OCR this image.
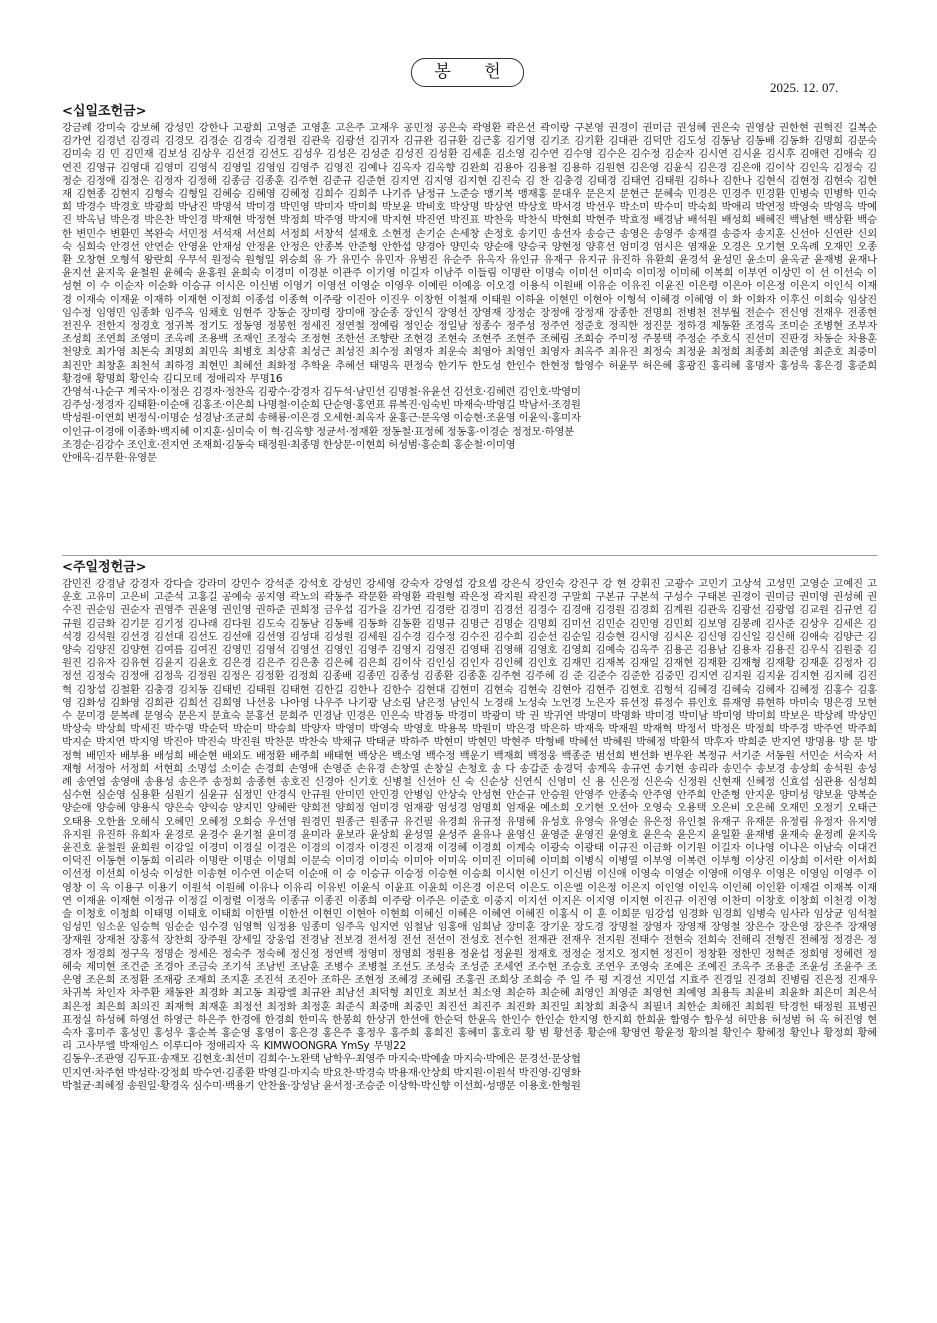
봉 헌
2025. 12. 07.
<십일조헌금>
강금례 강미숙 강보혜 강성민 강한나 고광희 고영준 고영훈 고은주 고재우 공민정 공은숙 곽영환 곽은선 곽이랑 구본영 권경이 권미금 권성혜 권은숙 권영삼 권한현 권혁진 길복순 김가연 김경년 김경리 김경모 김경순 김경숙 김경원 김관욱 김광선 김귀자 김규완 김규환 김근홍 김기영 김기조 김기환 김대관 김덕만 김도성 김동남 김동배 김동화 김명희 김문숙 김미숙 김 민 김민재 김보성 김상우 김선경 김선도 김성우 김성은 김성준 김성진 김성환 김세훈 김소영 김수연 김수영 김수은 김수정 김순자 김시연 김시윤 김시후 김애련 김애숙 김연진 김영규 김영대 김영미 김영식 김영일 김영임 김영주 김영진 김예나 김옥자 김옥향 김완희 김용아 김용철 김용하 김원현 김은영 김윤식 김은경 김은애 김이삭 김인옥 김정숙 김정순 김정애 김정은 김정자 김정해 김종금 김종훈 김주현 김준규 김준현 김지연 김지영 김지현 김진숙 김 찬 김충경 김태경 김태연 김태원 김하나 김한나 김현식 김현정 김현숙 김현재 김현종 김현지 김형숙 김형일 김혜승 김혜영 김혜정 김희수 김희주 나기쥬 남정규 노준승 맹기복 맹재홍 문대우 문은지 문현근 문혜숙 민경은 민경주 민경환 민병숙 민병학 민숙희 박경수 박경호 박광희 박남진 박명석 박미경 박민영 박미자 박미희 박보윤 박비호 박상명 박상연 박상호 박서경 박선우 박소미 박수미 박숙희 박애리 박연정 박영숙 박영옥 박예진 박옥님 박은경 박은찬 박인경 박재현 박정현 박정희 박주영 박지애 박지현 박진연 박진표 박찬욱 박찬식 박현희 박현주 박효정 배경남 배석원 배성희 배혜진 백남현 백상환 백승한 변민수 변환민 복완숙 서민정 서석재 서선희 서정희 서창석 설재호 소현정 손기순 손세창 손정호 송기민 송선자 송승근 송영은 송영주 송재결 송증자 송지훈 신선아 신연란 신외숙 심희숙 안경선 안연순 안영윤 안재성 안정윤 안정은 안종복 안준형 안한섭 양경아 양민숙 양순애 양승국 양현정 양휴선 엄미경 엄시은 염재윤 오경은 오기현 오옥례 오재민 오종환 오창현 오형석 왕란희 우무석 원정숙 원형일 위승희 유 가 유민수 유민자 유범진 유순주 유옥자 유인규 유재구 유지규 유진하 유환희 윤경석 윤성민 윤소미 윤옥균 윤재병 윤재나 윤지선 윤지욱 윤철원 윤혜숙 윤홍원 윤희숙 이경미 이경분 이관주 이기영 이길자 이남주 이들림 이명란 이명숙 이미선 이미숙 이미정 이미혜 이복희 이부연 이상민 이 선 이선숙 이성현 이 수 이순자 이순화 이승규 이시은 이신범 이영기 이영선 이영순 이영우 이예린 이예응 이오경 이용식 이원배 이유순 이유진 이윤진 이은령 이은아 이은정 이은지 이인식 이재경 이재숙 이재윤 이재하 이재현 이정희 이종섭 이종혁 이주랑 이진아 이진우 이창헌 이철재 이태원 이하윤 이현민 이현아 이형석 이혜경 이혜영 이 화 이화자 이후신 이희숙 임삼진 임수정 임영민 임종화 임주옥 임채호 임현주 장동순 장미령 장미애 장순종 장인식 장영선 장영재 장정순 장정애 장정재 장종한 전명희 전병천 전부월 전순수 전신영 전재우 전종현 전진우 전한지 정경호 정귀복 정기도 정동영 정봉헌 정세진 정연철 정예림 정인순 정일남 정종수 정주성 정주연 정준호 정직한 정진문 정하경 제동환 조경옥 조미순 조병현 조부자 조성희 조연희 조영미 조옥례 조용백 조재인 조정숙 조정현 조한선 조향란 조현경 조현숙 조현주 조현주 조혜림 조희승 주미정 주봉택 주정순 주호식 진선미 진판경 차동순 차용훈 천양호 최가영 최돈숙 최명희 최민옥 최병호 최상휴 최성근 최성진 최수정 최영자 최운숙 최영아 최영인 최영자 최옥주 최유진 최정숙 최정윤 최정희 최종희 최준영 최준호 최중미 최진만 최창훈 최천석 최하경 최현민 최혜선 최화정 추학윤 추혜선 태명옥 편정숙 한기두 한도성 한인수 한현정 함영수 허윤무 허은혜 홍광진 홍리혜 홍명자 홍성욱 홍은경 홍준희 황경애 황명희 황인숙 김디모데 정애리자 무명16
간영석·나순구 계국자·이정은 김경자·정찬옥 김광수·강경자 김두석·남민선 김명철·유윤선 김선호·김혜련 김인호·박영미
김주성·정경자 김태환·이순애 김홍조·이은희 나명철·이순희 단순영·홍연표 류복진·임숙빈 마재숙·박영길 박남서·조경원
박성원·이연희 변정식·이명순 성경남·조균희 송해룡·이은경 오세현·최옥자 윤홍근·문옥영 이승현·조윤영 이윤익·홍미자
이인규·이경애 이종화·백지혜 이지훈·심미숙 이 혁·김옥향 정균서·정재환 정동철·표정혜 정동홍·이경순 정정모·하영분
조경순·김강수 조인호·전지연 조재희·김동숙 태정원·최종명 한상문·이현희 허성범·홍순희 홍순철·이미영
안애옥·김무환·유영문
<주일정헌금>
감민진 강경남 강경자 강다슬 강라미 강민수 강석준 강석호 강성민 강세영 강숙자 강영섭 강요셉 강은식 강인숙 강진구 강 현 강휘진 고광수 고민기 고상석 고성민 고영순 고예진 고운호 고유미 고은비 고준석 고홍길 공예숙 공지영 곽노의 곽동주 곽문환 곽영환 곽원형 곽은정 곽지원 곽진경 구말희 구본규 구본석 구성수 구태본 권경이 권미금 권미영 권성혜 권수진 권순임 권순자 권영주 권윤영 권인영 권하준 권희정 금우섭 김가을 김가연 김경란 김경미 김경선 김경수 김경애 김경원 김경희 김계원 김관욱 김광선 김광엽 김교원 김규연 김규원 김금화 김기문 김기정 김나래 김다원 김도숙 김동남 김동배 김동화 김동환 김명규 김명근 김명순 김명희 김미선 김민순 김민영 김민희 김보영 김봉례 김사준 김상우 김세은 김석경 김석원 김선경 김선대 김선도 김선애 김선영 김성대 김성원 김세원 김수경 김수정 김수진 김수희 김순선 김순일 김승현 김시영 김시온 김신영 김신일 김신해 김애숙 김양근 김양숙 김양진 김양현 김여름 김여진 김영민 김영석 김영선 김영인 김영주 김영지 김영진 김영태 김영해 김영호 김영희 김예숙 김옥주 김용곤 김용남 김용자 김용진 김우식 김원중 김원진 김유자 김유현 김윤지 김윤호 김은경 김은주 김은총 김은혜 김은희 김이삭 김인심 김인자 김인혜 김인호 김재민 김재복 김재일 김재현 김재환 김재형 김재황 김재훈 김정자 김정선 김정숙 김정애 김정욱 김정원 김정은 김정환 김정희 김종배 김종민 김종성 김종환 김종훈 김주현 김주혜 김 준 김준수 김준한 김중민 김지연 김지원 김지윤 김지현 김지혜 김진혁 김창섭 김철환 김충경 김치동 김태빈 김태원 김태현 김한길 김한나 김한수 김현대 김현미 김현숙 김현숙 김현아 김현주 김현호 김형석 김혜경 김혜숙 김혜자 김혜정 김홍수 김홍영 김화성 김화영 김희관 김희선 김희영 나선웅 나아영 나우주 나기광 남소림 남은정 남인식 노경래 노성숙 노언경 노은자 류선정 류정수 류인호 류재영 류현하 마미숙 명은경 모현수 문미경 문복례 문영숙 문은지 문효숙 문홍선 문희주 민경남 민경은 민은숙 박겸동 박경미 박광미 박 권 박귀연 박명미 박명화 박미경 박미남 박미영 박미희 박보은 박상례 박상민 박상숙 박상희 박세진 박수명 박순덕 박순미 박승희 박양자 박영미 박영숙 박영호 박용목 박원미 박은경 박은하 박재욱 박재원 박재혁 박정서 박정은 박정희 박주경 박주연 박주희 박지순 박지연 박지영 박진아 박진숙 박진원 박찬문 박찬숙 박채규 박태균 박하주 박현미 박현민 박현주 박형배 박혜선 박혜원 박혜정 박환석 박후자 박희준 반지연 방명용 방 문 방정혁 배민자 배부용 배성희 배순현 배외도 배정환 배주희 배태현 백상은 백소영 백수정 백운기 백재희 백정웅 백종준 범선희 변선화 변우완 복정규 서기준 서동원 서민순 서숙자 서재형 서정아 서정희 서현희 소명섭 소이순 손경희 손영애 손영준 손유경 손창열 손창실 손청호 송 다 송갑준 송경덕 송계옥 송규연 송기현 송리라 송민수 송보경 송상희 송석원 송성례 송연엽 송영애 송용성 송은주 송정희 송종현 송호진 신경아 신기호 신병철 신선아 신 숙 신순상 신연식 신영미 신 용 신은정 신은숙 신정원 신현재 신혜정 신효섭 심관용 심성희 심수현 심순영 심용환 심원기 심윤규 심정민 안경식 안규원 안미민 안민경 안병임 안상숙 안성현 안순규 안승원 안영주 안종숙 안주영 안주희 안준형 안지운 양미성 양보윤 양복순 양순애 양승혜 양용식 양은숙 양익승 양지민 양혜란 양희전 양희정 엄미경 엄재광 엄성경 엄명희 엄재윤 예소희 오기현 오선아 오영숙 오용택 오은비 오은혜 오재민 오정기 오태근 오태용 오한율 오해식 오혜민 오혜정 오희승 우선영 원경민 원종근 원종규 유건필 유경희 유규정 유명혜 유성호 유영숙 유영순 유은정 유인철 유재구 유재문 유정림 유정자 유지영 유지원 유진하 유희자 윤경로 윤경수 윤기철 윤미경 윤미라 윤보라 윤상희 윤성열 윤성주 윤유나 윤영신 윤영준 윤영진 윤영호 윤은숙 윤은지 윤일환 윤재병 윤재숙 윤정례 윤지욱 윤진호 윤철원 윤희원 이강일 이경미 이경실 이경은 이경의 이경자 이경진 이경재 이경혜 이경희 이계숙 이광숙 이광태 이규진 이금화 이기원 이길자 이나영 이나은 이남숙 이대건 이덕진 이동현 이동희 이리라 이명란 이명순 이명희 이문숙 이미경 이미숙 이미아 이미옥 이미진 이미혜 이미희 이병식 이병열 이부영 이복련 이부형 이상진 이상희 이서란 이서희 이선정 이선희 이성숙 이성한 이송현 이수연 이순덕 이순애 이 승 이승규 이승정 이승현 이승희 이시현 이신기 이신범 이신애 이영숙 이영순 이영애 이영우 이영은 이영임 이영주 이영창 이 옥 이용구 이용기 이원석 이원혜 이유나 이유리 이유빈 이윤식 이윤표 이윤희 이은경 이은덕 이은도 이은엘 이은정 이은지 이인영 이인옥 이인혜 이인환 이재걸 이재복 이재연 이재윤 이재현 이정규 이정길 이정렬 이정욱 이종규 이종진 이종희 이주랑 이주은 이준호 이중지 이지선 이지은 이지영 이지현 이진규 이진영 이찬미 이창호 이창희 이천경 이청술 이청호 이청희 이태명 이태호 이태희 이한별 이한선 이현민 이현아 이현희 이혜신 이혜은 이혜연 이혜진 이홍식 이 훈 이희문 임강섭 임경화 임경희 임병숙 임사라 임상균 임석철 임성민 임소운 임승혁 임순순 임수경 임영혁 임정용 임종미 임주옥 임지연 임철남 임홍애 임희남 장미훈 장기운 장도경 장명철 장영자 장영재 장영철 장은수 장은영 장은주 장재영 장재원 장재천 장홍석 장찬희 장주원 장세일 장웅업 전경남 전보경 전서정 전선 전선이 전성호 전수헌 전재관 전재우 전지원 전태수 전현숙 전희숙 전해리 전형진 전혜정 정경은 정경자 정경희 정구옥 정명순 정세은 정숙주 정숙혜 정신정 정연백 정영미 정영희 정원용 정윤섭 정윤원 정재호 정정순 정지오 정지현 정진이 정창환 정한민 정혁준 정희영 정혜련 정혜숙 제미현 조건준 조경아 조금숙 조기석 조남빈 조남훈 조병수 조병철 조선도 조성숙 조성준 조세연 조수현 조승호 조연우 조영숙 조예은 조예진 조옥주 조용준 조윤성 조윤주 조은영 조은희 조정환 조재광 조재희 조지훈 조진석 조진아 조하은 조현정 조혜경 조혜림 조홍권 조희상 조희승 주 일 주 평 지경선 지민섭 지효주 진경일 진경희 진병림 진은정 진재우 차귀복 차인자 차주환 채동완 최경화 최고동 최광엘 최규완 최남선 최덕형 최민호 최보선 최소영 최순하 최순혜 최영인 최영준 최영현 최예영 최용득 최윤비 최윤화 최은미 최은석 최은정 최은희 최의진 최재혁 최재훈 최정선 최정화 최정훈 최준식 최중매 최중민 최진선 최진주 최진화 최진일 최창희 최충식 최필녀 최한순 최해진 최희원 탁경헌 태정원 표병권 표정실 하성혜 하영선 하영근 하은주 한경애 한경희 한미옥 한봉희 한상귀 한선애 한순덕 한윤옥 한인수 한인순 한지영 한지희 한희윤 함영수 함우성 허만용 허성범 허 옥 허진영 현숙자 홍미주 홍성민 홍성우 홍순복 홍순영 홍영이 홍은경 홍은주 홍정우 홍주희 홍희진 홍혜미 홍호리 황 범 황선종 황순애 황영연 황윤정 황의철 황인수 황혜정 황인나 황정희 황혜리 고사무엘 박재임스 이루디아 정애리자 옥 KIMWOONGRA YmSy 무명22
김동우·조관영 김두표·송재모 김현호·최선미 김희수·노완택 남학우·최영주 마지숙·박예솔 마지숙·박예은 문경선·문상협
민지연·차주현 박성락·강정희 박수연·김종환 박영길·마지숙 박요찬·박경숙 박용재·안상희 박지원·이원석 박진영·김영화
박철균·최혜정 송원일·황경옥 심수미·백용기 안찬율·장성남 윤서정·조승준 이상학·박신향 이선희·성맹문 이용호·한형원
